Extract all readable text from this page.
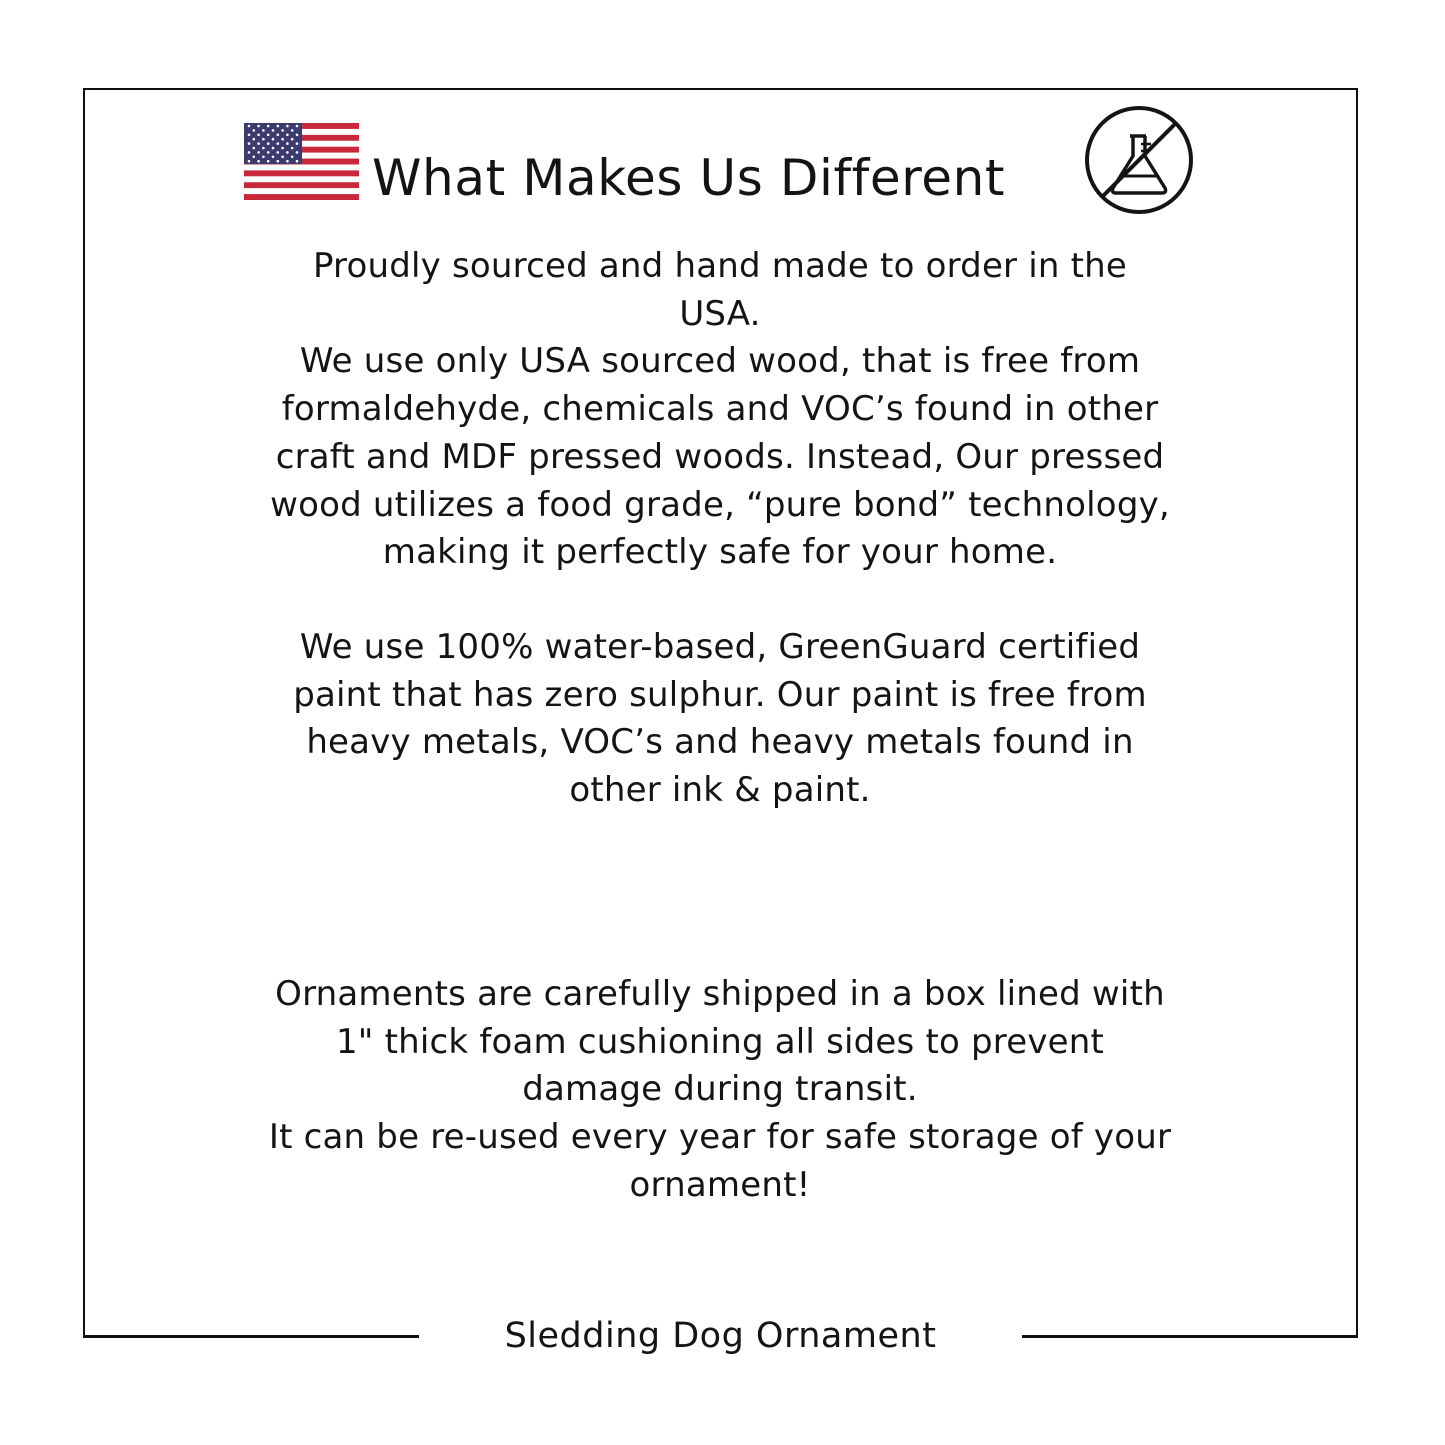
What Makes Us Different
Proudly sourced and hand made to order in the
USA.
We use only USA sourced wood, that is free from
formaldehyde, chemicals and VOC’s found in other
craft and MDF pressed woods. Instead, Our pressed
wood utilizes a food grade, “pure bond” technology,
making it perfectly safe for your home.
We use 100% water-based, GreenGuard certified
paint that has zero sulphur. Our paint is free from
heavy metals, VOC’s and heavy metals found in
other ink & paint.
Ornaments are carefully shipped in a box lined with
1" thick foam cushioning all sides to prevent
damage during transit.
It can be re-used every year for safe storage of your
ornament!
Sledding Dog Ornament
